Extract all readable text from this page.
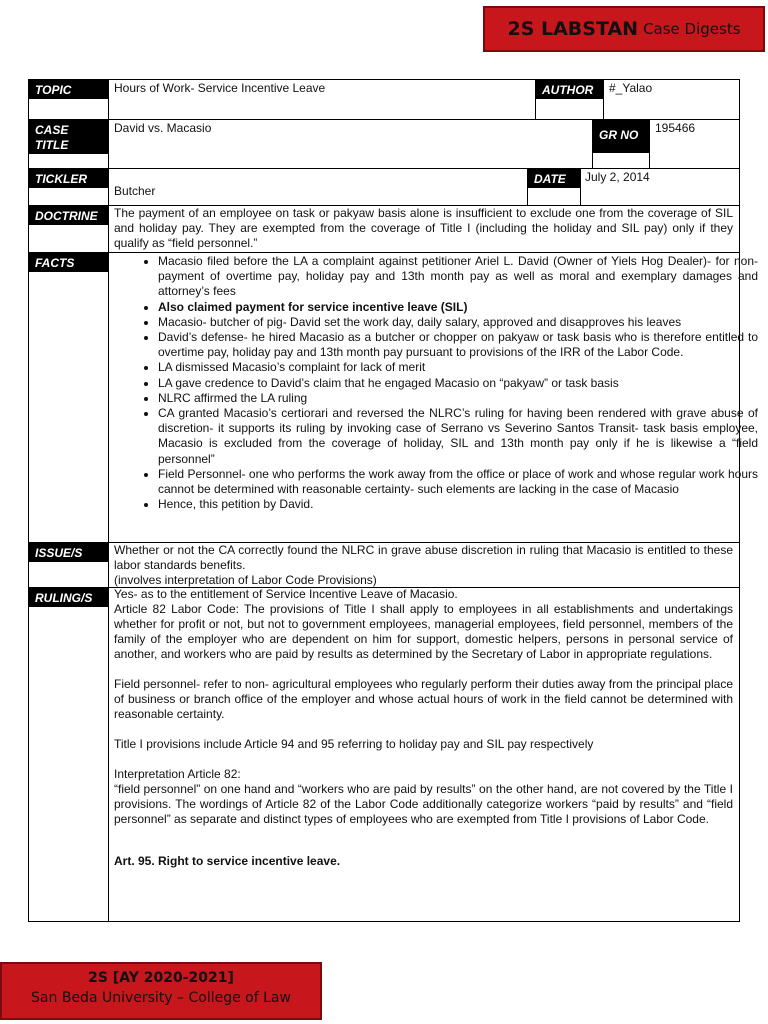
2S LABSTAN Case Digests
TOPIC	Hours of Work- Service Incentive Leave	AUTHOR	#_Yalao
CASE TITLE
David vs. Macasio	GR NO	195466
TICKLER
Butcher
DATE	July 2, 2014
DOCTRINE	The payment of an employee on task or pakyaw basis alone is insufficient to exclude one from the coverage of SIL and holiday pay. They are exempted from the coverage of Title I (including the holiday and SIL pay) only if they qualify as “field personnel.”
FACTS
•	Macasio filed before the LA a complaint against petitioner Ariel L. David (Owner of Yiels Hog Dealer)- for non- payment of overtime pay, holiday pay and 13th month pay as well as moral and exemplary damages and attorney’s fees
• Also claimed payment for service incentive leave (SIL)
• Macasio- butcher of pig- David set the work day, daily salary, approved and disapproves his leaves
• David’s defense- he hired Macasio as a butcher or chopper on pakyaw or task basis who is therefore entitled to overtime pay, holiday pay and 13th month pay pursuant to provisions of the IRR of the Labor Code.
• LA dismissed Macasio’s complaint for lack of merit
• LA gave credence to David’s claim that he engaged Macasio on “pakyaw” or task basis
• NLRC affirmed the LA ruling
• CA granted Macasio’s certiorari and reversed the NLRC’s ruling for having been rendered with grave abuse of discretion- it supports its ruling by invoking case of Serrano vs Severino Santos Transit- task basis employee, Macasio is excluded from the coverage of holiday, SIL and 13th month pay only if he is likewise a “field personnel”
• Field Personnel- one who performs the work away from the office or place of work and whose regular work hours cannot be determined with reasonable certainty- such elements are lacking in the case of Macasio
• Hence, this petition by David.
ISSUE/S	Whether or not the CA correctly found the NLRC in grave abuse discretion in ruling that Macasio is entitled to these labor standards benefits.
(involves interpretation of Labor Code Provisions)
RULING/S	Yes- as to the entitlement of Service Incentive Leave of Macasio.

Article 82 Labor Code: The provisions of Title I shall apply to employees in all establishments and undertakings whether for profit or not, but not to government employees, managerial employees, field personnel, members of the family of the employer who are dependent on him for support, domestic helpers, persons in personal service of another, and workers who are paid by results as determined by the Secretary of Labor in appropriate regulations.

Field personnel- refer to non- agricultural employees who regularly perform their duties away from the principal place of business or branch office of the employer and whose actual hours of work in the field cannot be determined with reasonable certainty.

Title I provisions include Article 94 and 95 referring to holiday pay and SIL pay respectively

Interpretation Article 82:

“field personnel” on one hand and “workers who are paid by results” on the other hand, are not covered by the Title I provisions. The wordings of Article 82 of the Labor Code additionally categorize workers “paid by results” and “field personnel” as separate and distinct types of employees who are exempted from Title I provisions of Labor Code.

Art. 95. Right to service incentive leave.

2S [AY 2020-2021]
San Beda University – College of Law
